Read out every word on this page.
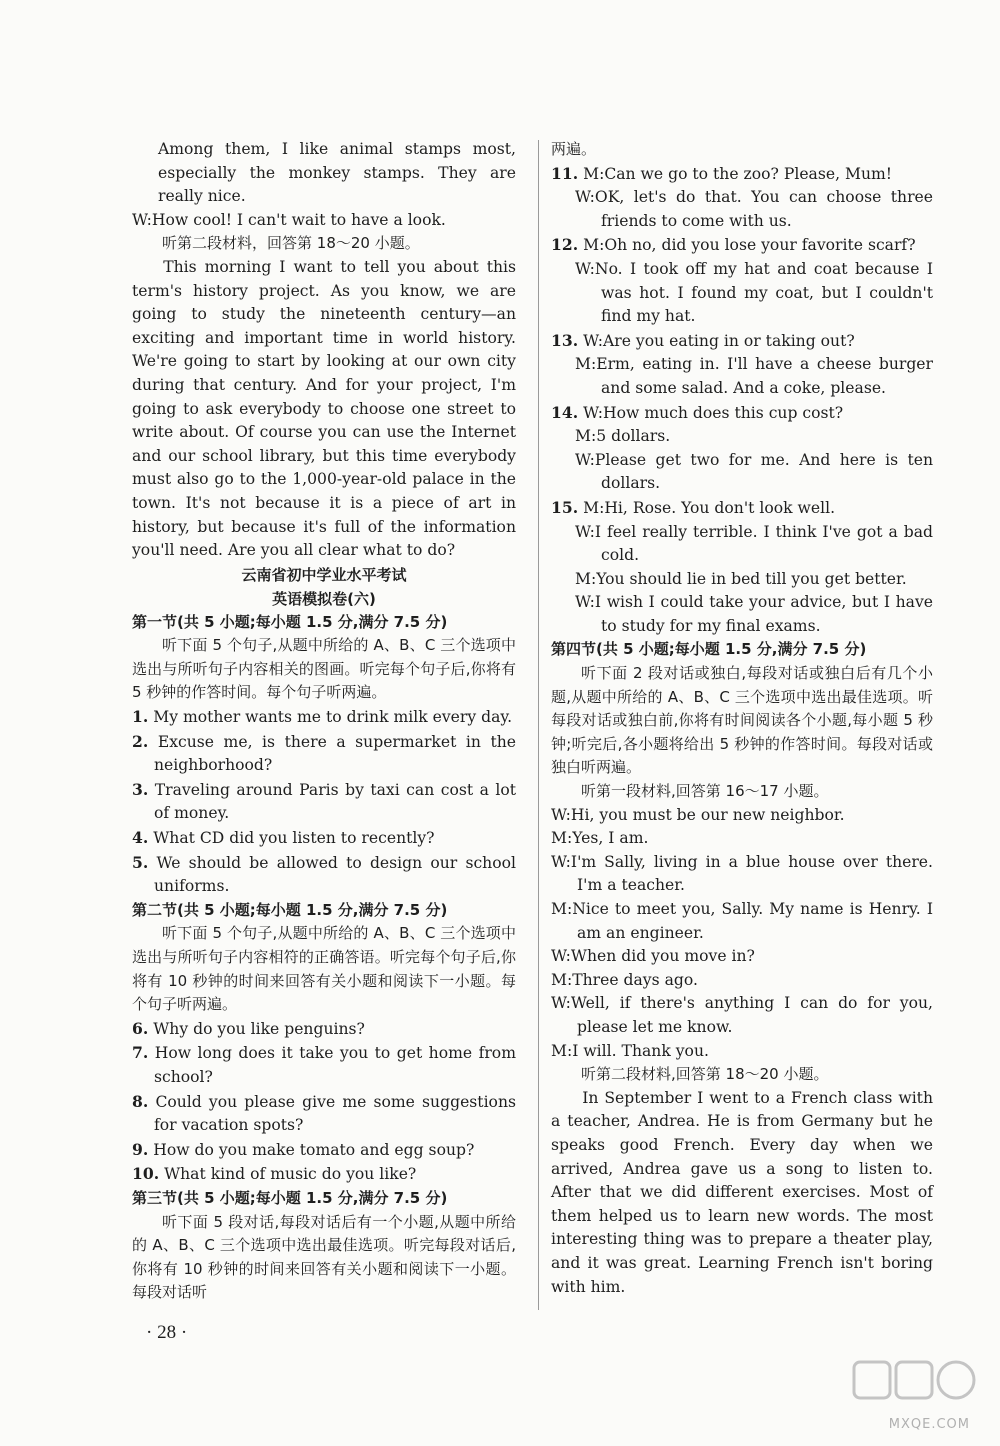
Among them, I like animal stamps most, especially the monkey stamps. They are really nice.

W:How cool! I can't wait to have a look.

听第二段材料，回答第 18～20 小题。

This morning I want to tell you about this term's history project. As you know, we are going to study the nineteenth century—an exciting and important time in world history. We're going to start by looking at our own city during that century. And for your project, I'm going to ask everybody to choose one street to write about. Of course you can use the Internet and our school library, but this time everybody must also go to the 1,000-year-old palace in the town. It's not because it is a piece of art in history, but because it's full of the information you'll need. Are you all clear what to do?

云南省初中学业水平考试

英语模拟卷(六)

第一节(共 5 小题;每小题 1.5 分,满分 7.5 分)

听下面 5 个句子,从题中所给的 A、B、C 三个选项中选出与所听句子内容相关的图画。听完每个句子后,你将有 5 秒钟的作答时间。每个句子听两遍。

1. My mother wants me to drink milk every day.

2. Excuse me, is there a supermarket in the neighborhood?

3. Traveling around Paris by taxi can cost a lot of money.

4. What CD did you listen to recently?

5. We should be allowed to design our school uniforms.

第二节(共 5 小题;每小题 1.5 分,满分 7.5 分)

听下面 5 个句子,从题中所给的 A、B、C 三个选项中选出与所听句子内容相符的正确答语。听完每个句子后,你将有 10 秒钟的时间来回答有关小题和阅读下一小题。每个句子听两遍。

6. Why do you like penguins?

7. How long does it take you to get home from school?

8. Could you please give me some suggestions for vacation spots?

9. How do you make tomato and egg soup?

10. What kind of music do you like?

第三节(共 5 小题;每小题 1.5 分,满分 7.5 分)

听下面 5 段对话,每段对话后有一个小题,从题中所给的 A、B、C 三个选项中选出最佳选项。听完每段对话后,你将有 10 秒钟的时间来回答有关小题和阅读下一小题。每段对话听

两遍。

11. M:Can we go to the zoo? Please, Mum!

W:OK, let's do that. You can choose three friends to come with us.

12. M:Oh no, did you lose your favorite scarf?

W:No. I took off my hat and coat because I was hot. I found my coat, but I couldn't find my hat.

13. W:Are you eating in or taking out?

M:Erm, eating in. I'll have a cheese burger and some salad. And a coke, please.

14. W:How much does this cup cost?

M:5 dollars.

W:Please get two for me. And here is ten dollars.

15. M:Hi, Rose. You don't look well.

W:I feel really terrible. I think I've got a bad cold.

M:You should lie in bed till you get better.

W:I wish I could take your advice, but I have to study for my final exams.

第四节(共 5 小题;每小题 1.5 分,满分 7.5 分)

听下面 2 段对话或独白,每段对话或独白后有几个小题,从题中所给的 A、B、C 三个选项中选出最佳选项。听每段对话或独白前,你将有时间阅读各个小题,每小题 5 秒钟;听完后,各小题将给出 5 秒钟的作答时间。每段对话或独白听两遍。

听第一段材料,回答第 16～17 小题。

W:Hi, you must be our new neighbor.

M:Yes, I am.

W:I'm Sally, living in a blue house over there. I'm a teacher.

M:Nice to meet you, Sally. My name is Henry. I am an engineer.

W:When did you move in?

M:Three days ago.

W:Well, if there's anything I can do for you, please let me know.

M:I will. Thank you.

听第二段材料,回答第 18～20 小题。

In September I went to a French class with a teacher, Andrea. He is from Germany but he speaks good French. Every day when we arrived, Andrea gave us a song to listen to. After that we did different exercises. Most of them helped us to learn new words. The most interesting thing was to prepare a theater play, and it was great. Learning French isn't boring with him.

· 28 ·
MXQE.COM
